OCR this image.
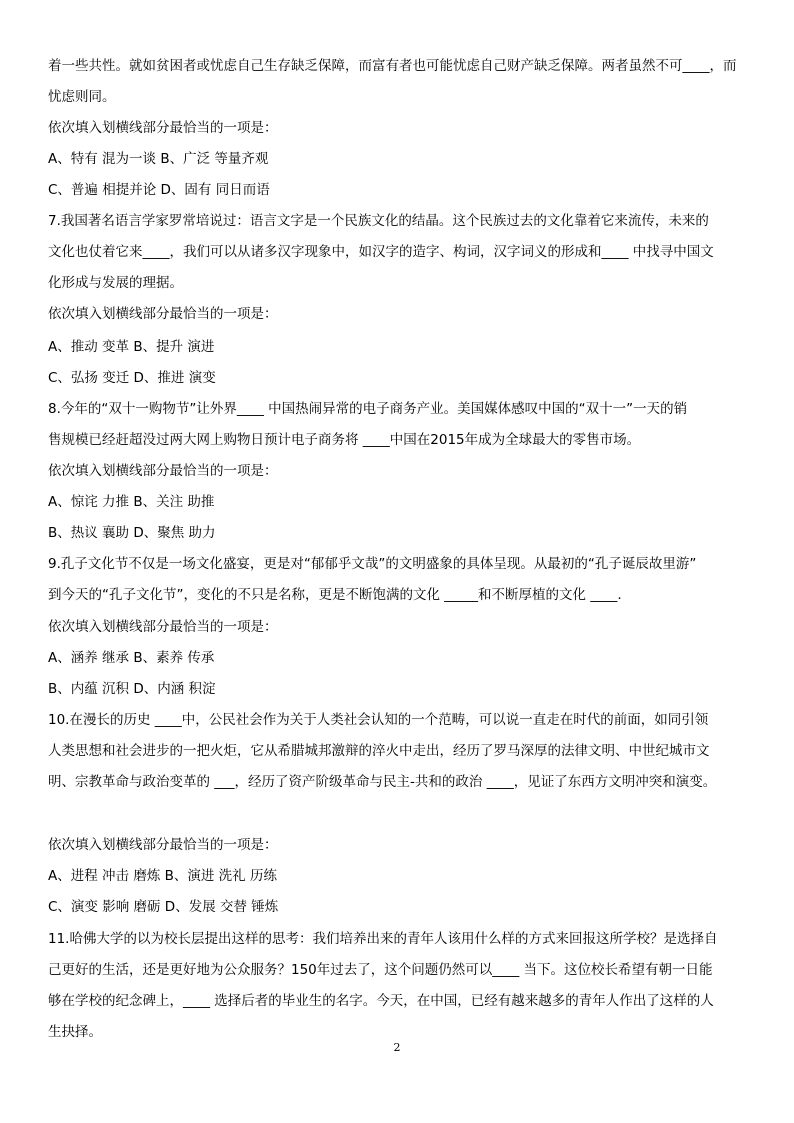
着一些共性。就如贫困者或忧虑自己生存缺乏保障，而富有者也可能忧虑自己财产缺乏保障。两者虽然不可____，而
忧虑则同。
依次填入划横线部分最恰当的一项是：
A、特有 混为一谈 B、广泛 等量齐观
C、普遍 相提并论 D、固有 同日而语
7.我国著名语言学家罗常培说过：语言文字是一个民族文化的结晶。这个民族过去的文化靠着它来流传，未来的
文化也仗着它来____，我们可以从诸多汉字现象中，如汉字的造字、构词，汉字词义的形成和____ 中找寻中国文
化形成与发展的理据。
依次填入划横线部分最恰当的一项是：
A、推动 变革 B、提升 演进
C、弘扬 变迁 D、推进 演变
8.今年的“双十一购物节”让外界____ 中国热闹异常的电子商务产业。美国媒体感叹中国的“双十一”一天的销
售规模已经赶超没过两大网上购物日预计电子商务将 ____中国在2015年成为全球最大的零售市场。
依次填入划横线部分最恰当的一项是：
A、惊诧 力推 B、关注 助推
B、热议 襄助 D、聚焦 助力
9.孔子文化节不仅是一场文化盛宴，更是对“郁郁乎文哉”的文明盛象的具体呈现。从最初的“孔子诞辰故里游”
到今天的“孔子文化节”，变化的不只是名称，更是不断饱满的文化 _____和不断厚植的文化 ____.
依次填入划横线部分最恰当的一项是：
A、涵养 继承 B、素养 传承
B、内蕴 沉积 D、内涵 积淀
10.在漫长的历史 ____中，公民社会作为关于人类社会认知的一个范畴，可以说一直走在时代的前面，如同引领
人类思想和社会进步的一把火炬，它从希腊城邦激辩的淬火中走出，经历了罗马深厚的法律文明、中世纪城市文
明、宗教革命与政治变革的 ___，经历了资产阶级革命与民主-共和的政治 ____，见证了东西方文明冲突和演变。
依次填入划横线部分最恰当的一项是：
A、进程 冲击 磨炼 B、演进 洗礼 历练
C、演变 影响 磨砺 D、发展 交替 锤炼
11.哈佛大学的以为校长层提出这样的思考：我们培养出来的青年人该用什么样的方式来回报这所学校？是选择自
己更好的生活，还是更好地为公众服务？150年过去了，这个问题仍然可以____ 当下。这位校长希望有朝一日能
够在学校的纪念碑上，____ 选择后者的毕业生的名字。今天，在中国，已经有越来越多的青年人作出了这样的人
生抉择。
2
